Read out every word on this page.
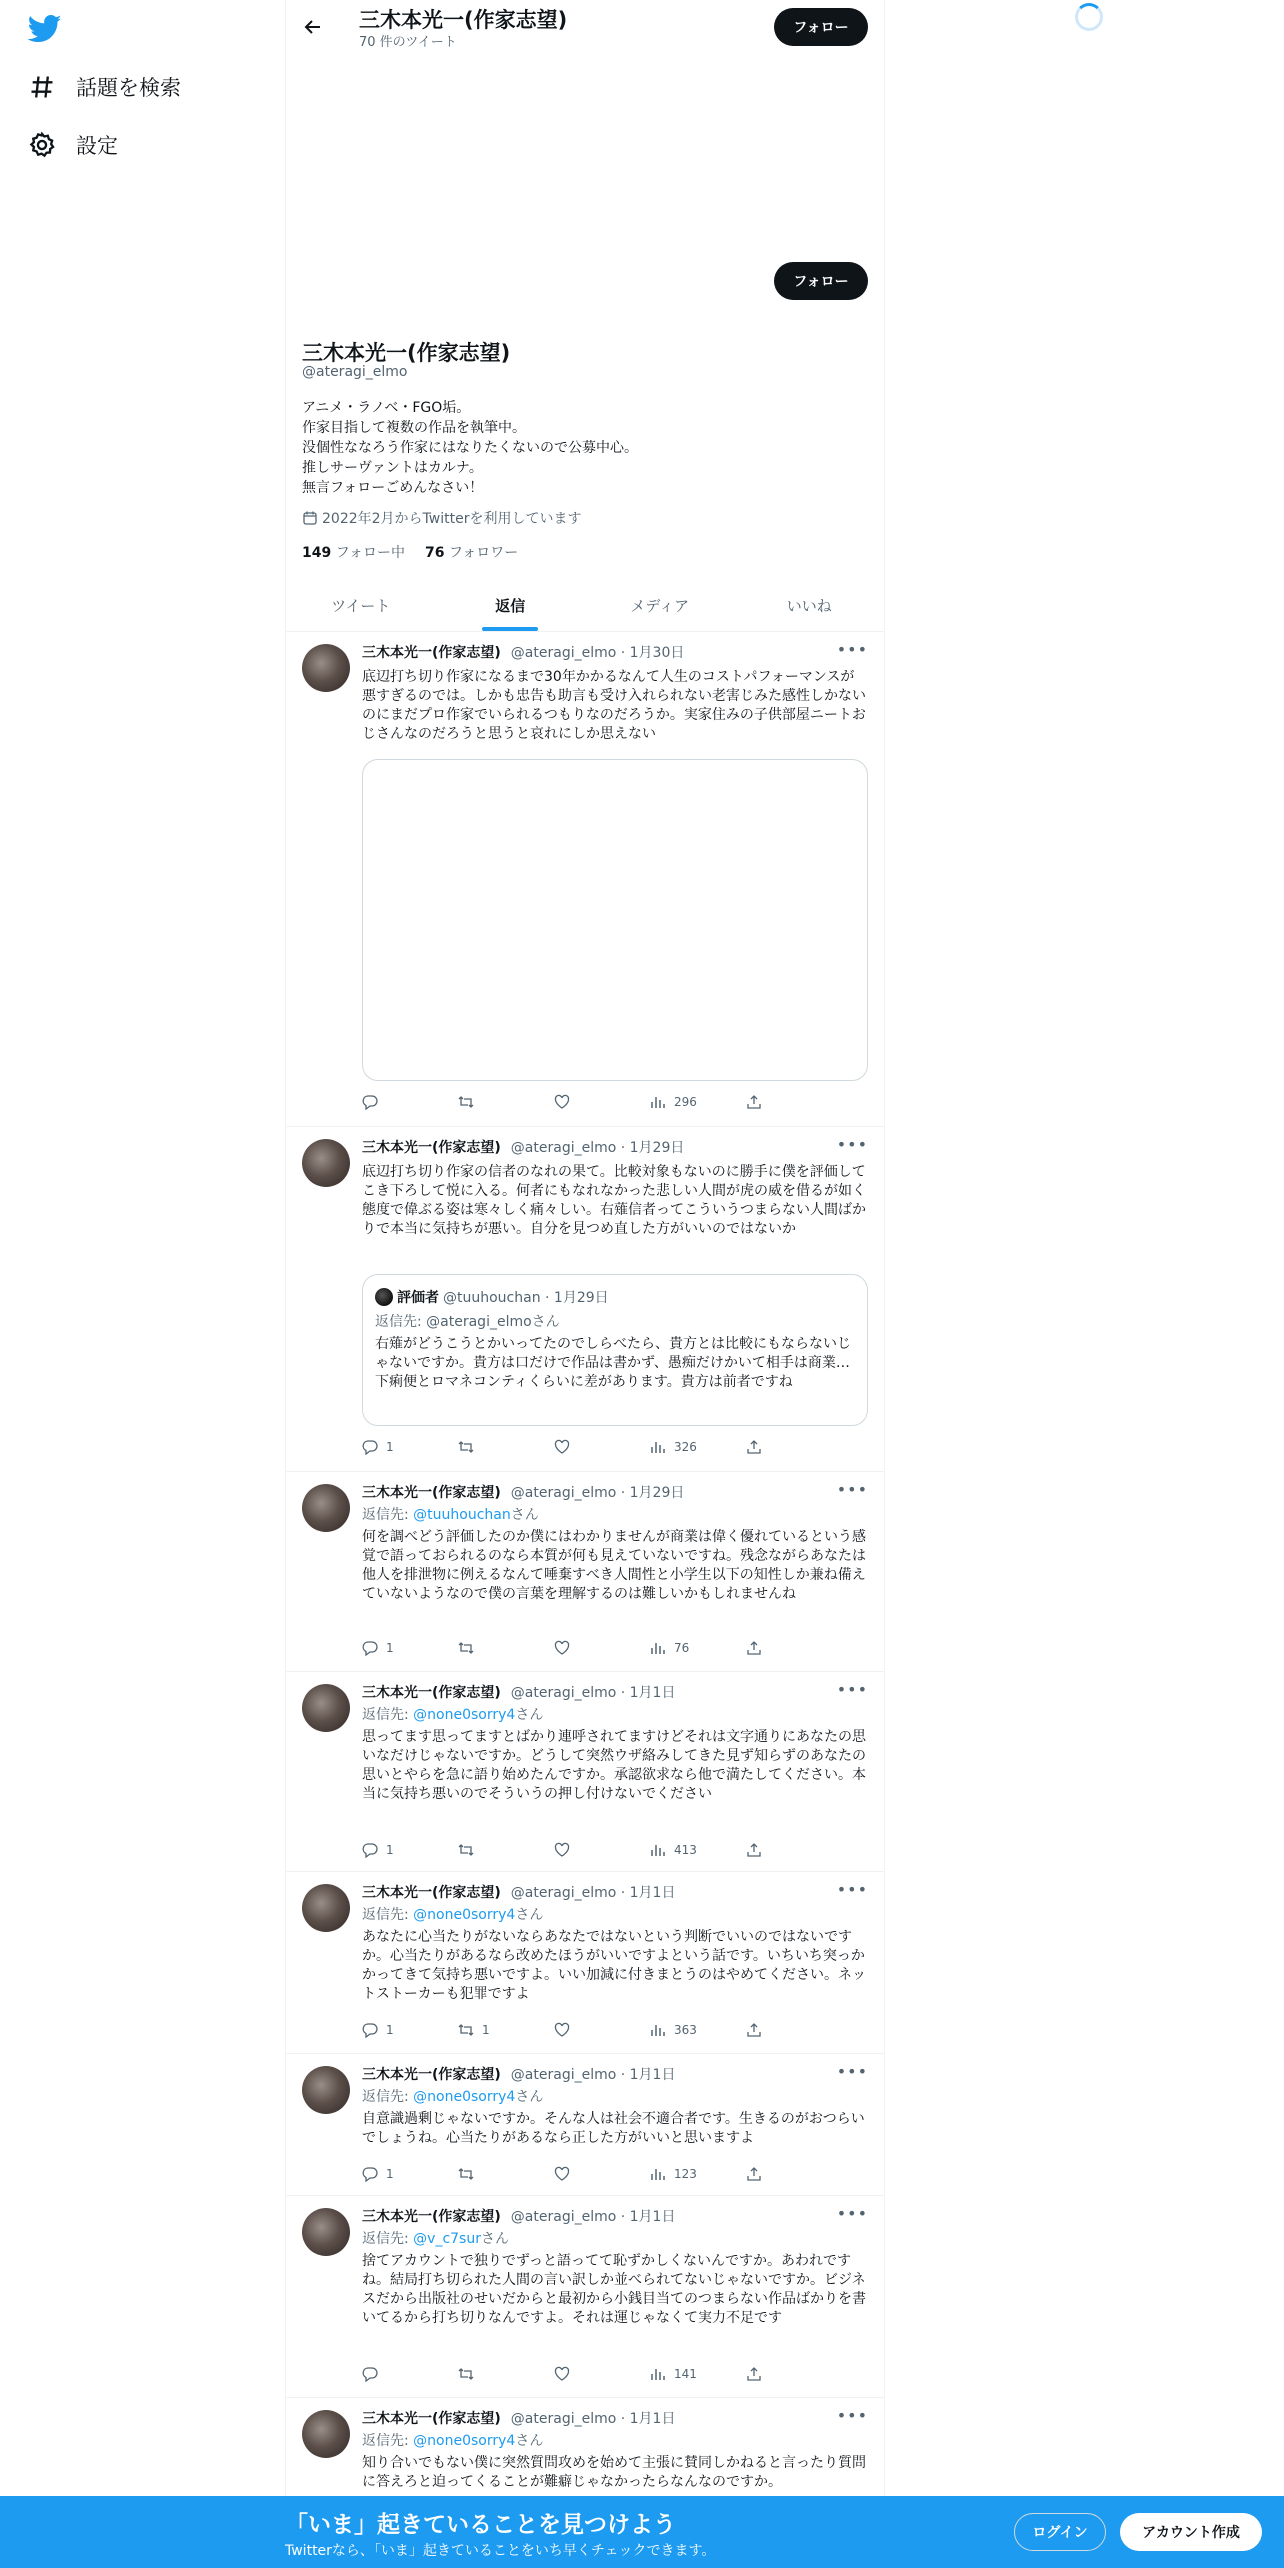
話題を検索
設定
三木本光一(作家志望)
70 件のツイート
フォロー
フォロー
三木本光一(作家志望)
@ateragi_elmo
アニメ・ラノベ・FGO垢。
作家目指して複数の作品を執筆中。
没個性ななろう作家にはなりたくないので公募中心。
推しサーヴァントはカルナ。
無言フォローごめんなさい！
2022年2月からTwitterを利用しています
149 フォロー中 76 フォロワー
ツイート	返信	メディア	いいね
三木本光一(作家志望) @ateragi_elmo · 1月30日	•••
底辺打ち切り作家になるまで30年かかるなんて人生のコストパフォーマンスが悪すぎるのでは。しかも忠告も助言も受け入れられない老害じみた感性しかないのにまだプロ作家でいられるつもりなのだろうか。実家住みの子供部屋ニートおじさんなのだろうと思うと哀れにしか思えない
296
三木本光一(作家志望) @ateragi_elmo · 1月29日	•••
底辺打ち切り作家の信者のなれの果て。比較対象もないのに勝手に僕を評価してこき下ろして悦に入る。何者にもなれなかった悲しい人間が虎の威を借るが如く態度で偉ぶる姿は寒々しく痛々しい。右薙信者ってこういうつまらない人間ばかりで本当に気持ちが悪い。自分を見つめ直した方がいいのではないか
評価者 @tuuhouchan · 1月29日
返信先: @ateragi_elmoさん
右薙がどうこうとかいってたのでしらべたら、貴方とは比較にもならないじゃないですか。貴方は口だけで作品は書かず、愚痴だけかいて相手は商業…下痢便とロマネコンティくらいに差があります。貴方は前者ですね
1	326
三木本光一(作家志望) @ateragi_elmo · 1月29日	•••
返信先: @tuuhouchanさん
何を調べどう評価したのか僕にはわかりませんが商業は偉く優れているという感覚で語っておられるのなら本質が何も見えていないですね。残念ながらあなたは他人を排泄物に例えるなんて唾棄すべき人間性と小学生以下の知性しか兼ね備えていないようなので僕の言葉を理解するのは難しいかもしれませんね
1	76
三木本光一(作家志望) @ateragi_elmo · 1月1日	•••
返信先: @none0sorry4さん
思ってます思ってますとばかり連呼されてますけどそれは文字通りにあなたの思いなだけじゃないですか。どうして突然ウザ絡みしてきた見ず知らずのあなたの思いとやらを急に語り始めたんですか。承認欲求なら他で満たしてください。本当に気持ち悪いのでそういうの押し付けないでください
1	413
三木本光一(作家志望) @ateragi_elmo · 1月1日	•••
返信先: @none0sorry4さん
あなたに心当たりがないならあなたではないという判断でいいのではないですか。心当たりがあるなら改めたほうがいいですよという話です。いちいち突っかかってきて気持ち悪いですよ。いい加減に付きまとうのはやめてください。ネットストーカーも犯罪ですよ
1	1	363
三木本光一(作家志望) @ateragi_elmo · 1月1日	•••
返信先: @none0sorry4さん
自意識過剰じゃないですか。そんな人は社会不適合者です。生きるのがおつらいでしょうね。心当たりがあるなら正した方がいいと思いますよ
1	123
三木本光一(作家志望) @ateragi_elmo · 1月1日	•••
返信先: @v_c7surさん
捨てアカウントで独りでずっと語ってて恥ずかしくないんですか。あわれですね。結局打ち切られた人間の言い訳しか並べられてないじゃないですか。ビジネスだから出版社のせいだからと最初から小銭目当てのつまらない作品ばかりを書いてるから打ち切りなんですよ。それは運じゃなくて実力不足です
141
三木本光一(作家志望) @ateragi_elmo · 1月1日	•••
返信先: @none0sorry4さん
知り合いでもない僕に突然質問攻めを始めて主張に賛同しかねると言ったり質問に答えろと迫ってくることが難癖じゃなかったらなんなのですか。
「いま」起きていることを見つけよう
Twitterなら、「いま」起きていることをいち早くチェックできます。
ログイン	アカウント作成
